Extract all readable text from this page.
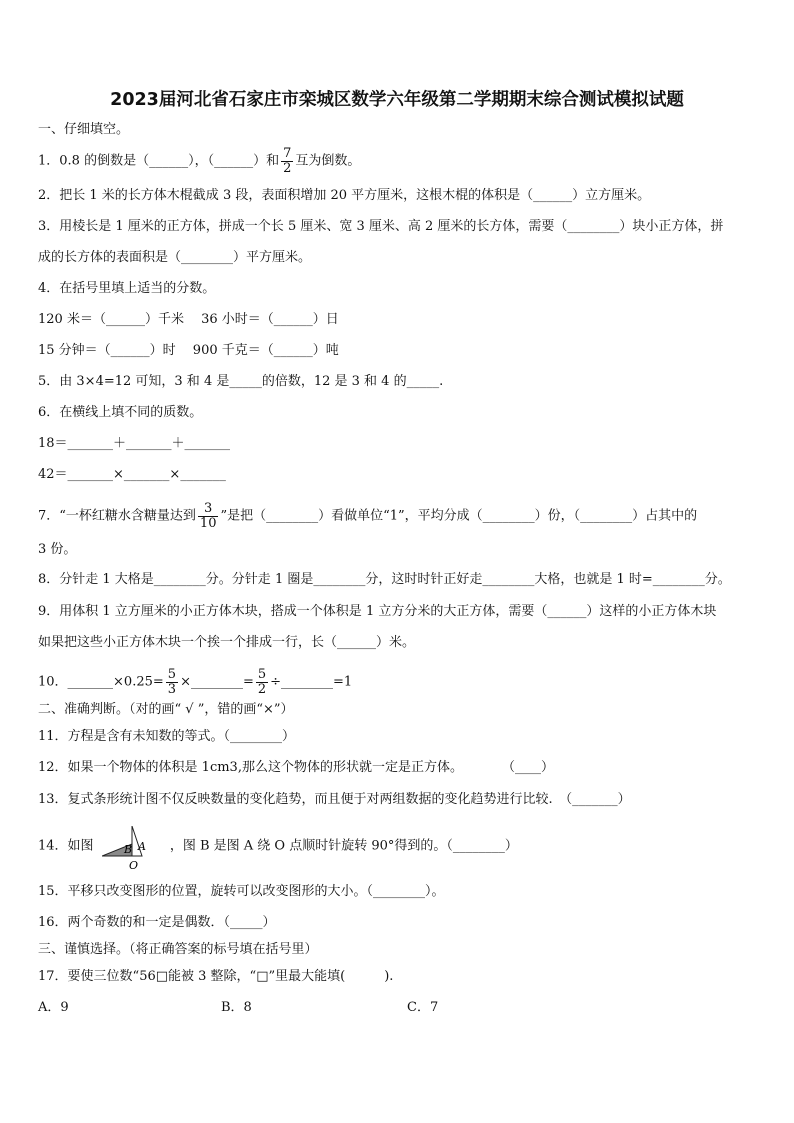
2023届河北省石家庄市栾城区数学六年级第二学期期末综合测试模拟试题
一、仔细填空。
1．0.8 的倒数是（______），（______）和 $\frac{7}{2}$ 互为倒数。
2．把长 1 米的长方体木棍截成 3 段，表面积增加 20 平方厘米，这根木棍的体积是（______）立方厘米。
3．用棱长是 1 厘米的正方体，拼成一个长 5 厘米、宽 3 厘米、高 2 厘米的长方体，需要（________）块小正方体，拼
成的长方体的表面积是（________）平方厘米。
4．在括号里填上适当的分数。
120 米＝（______）千米　 36 小时＝（______）日
15 分钟＝（______）时　 900 千克＝（______）吨
5．由 3×4=12 可知，3 和 4 是_____的倍数，12 是 3 和 4 的_____.
6．在横线上填不同的质数。
18＝_______＋_______＋_______
42＝_______×_______×_______
7．“一杯红糖水含糖量达到 $\frac{3}{10}$ ”是把（________）看做单位“1”，平均分成（________）份，（________）占其中的
3 份。
8．分针走 1 大格是________分。分针走 1 圈是________分，这时时针正好走________大格，也就是 1 时=________分。
9．用体积 1 立方厘米的小正方体木块，搭成一个体积是 1 立方分米的大正方体，需要（______）这样的小正方体木块
如果把这些小正方体木块一个挨一个排成一行，长（______）米。
10．_______×0.25= $\frac{5}{3}$ ×________= $\frac{5}{2}$ ÷________=1
二、准确判断。（对的画“ √ ”，错的画“×”）
11．方程是含有未知数的等式。（________）
12．如果一个物体的体积是 1cm3,那么这个物体的形状就一定是正方体。　　　　（____）
13．复式条形统计图不仅反映数量的变化趋势，而且便于对两组数据的变化趋势进行比较.　（_______）
14．如图	B A
O
，图 B 是图 A 绕 O 点顺时针旋转 90°得到的。（________）
15．平移只改变图形的位置，旋转可以改变图形的大小。（________）。
16．两个奇数的和一定是偶数．（_____）
三、谨慎选择。（将正确答案的标号填在括号里）
17．要使三位数“56□能被 3 整除，“□”里最大能填(　　　).
A．9	B．8	C．7
